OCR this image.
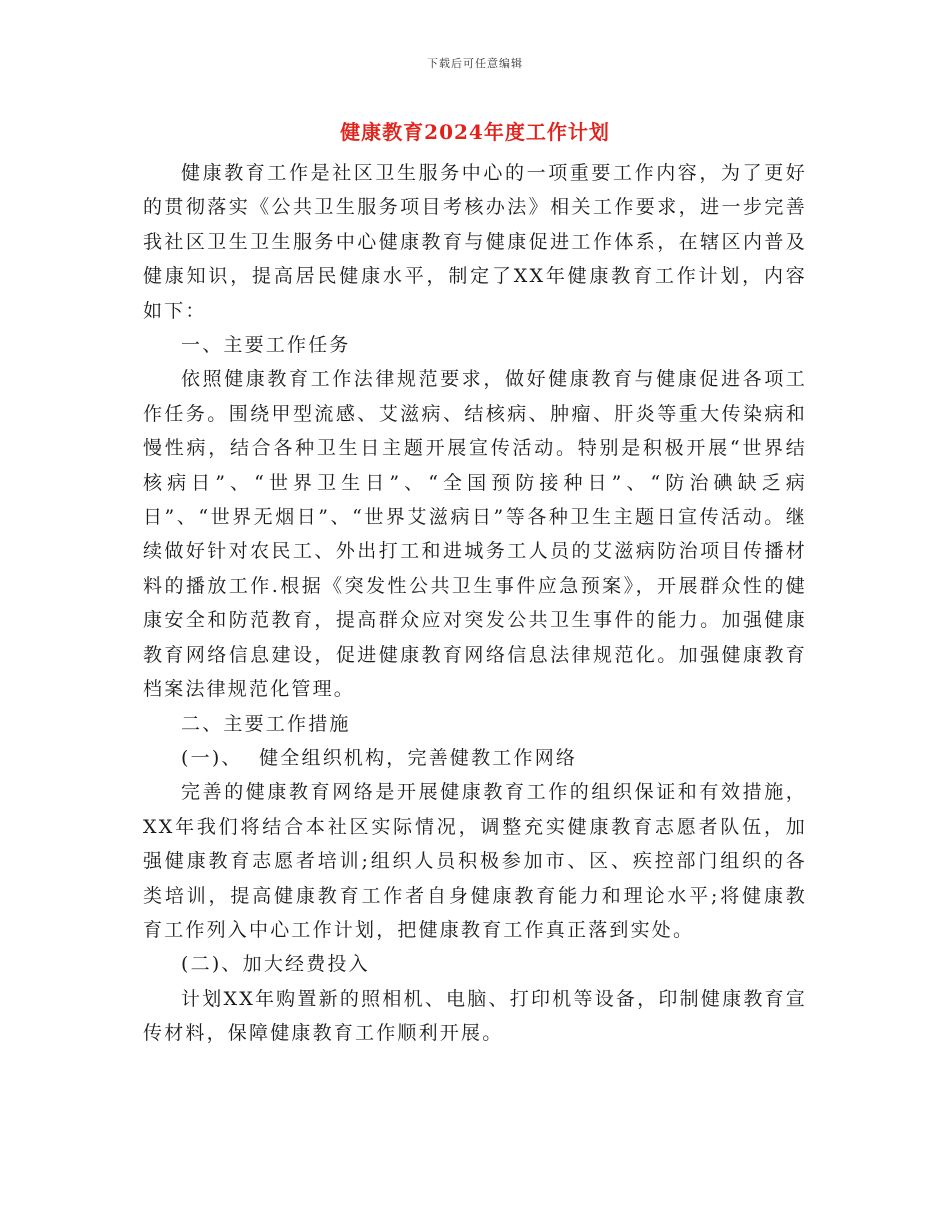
下载后可任意编辑
健康教育2024年度工作计划

健康教育工作是社区卫生服务中心的一项重要工作内容，为了更好的贯彻落实《公共卫生服务项目考核办法》相关工作要求，进一步完善我社区卫生卫生服务中心健康教育与健康促进工作体系，在辖区内普及健康知识，提高居民健康水平，制定了XX年健康教育工作计划，内容如下：

一、主要工作任务

依照健康教育工作法律规范要求，做好健康教育与健康促进各项工作任务。围绕甲型流感、艾滋病、结核病、肿瘤、肝炎等重大传染病和慢性病，结合各种卫生日主题开展宣传活动。特别是积极开展“世界结核病日”、“世界卫生日”、“全国预防接种日”、“防治碘缺乏病日”、“世界无烟日”、“世界艾滋病日”等各种卫生主题日宣传活动。继续做好针对农民工、外出打工和进城务工人员的艾滋病防治项目传播材料的播放工作.根据《突发性公共卫生事件应急预案》，开展群众性的健康安全和防范教育，提高群众应对突发公共卫生事件的能力。加强健康教育网络信息建设，促进健康教育网络信息法律规范化。加强健康教育档案法律规范化管理。

二、主要工作措施

(一)、  健全组织机构，完善健教工作网络

完善的健康教育网络是开展健康教育工作的组织保证和有效措施，XX年我们将结合本社区实际情况，调整充实健康教育志愿者队伍，加强健康教育志愿者培训;组织人员积极参加市、区、疾控部门组织的各类培训，提高健康教育工作者自身健康教育能力和理论水平;将健康教育工作列入中心工作计划，把健康教育工作真正落到实处。

(二)、加大经费投入

计划XX年购置新的照相机、电脑、打印机等设备，印制健康教育宣传材料，保障健康教育工作顺利开展。
